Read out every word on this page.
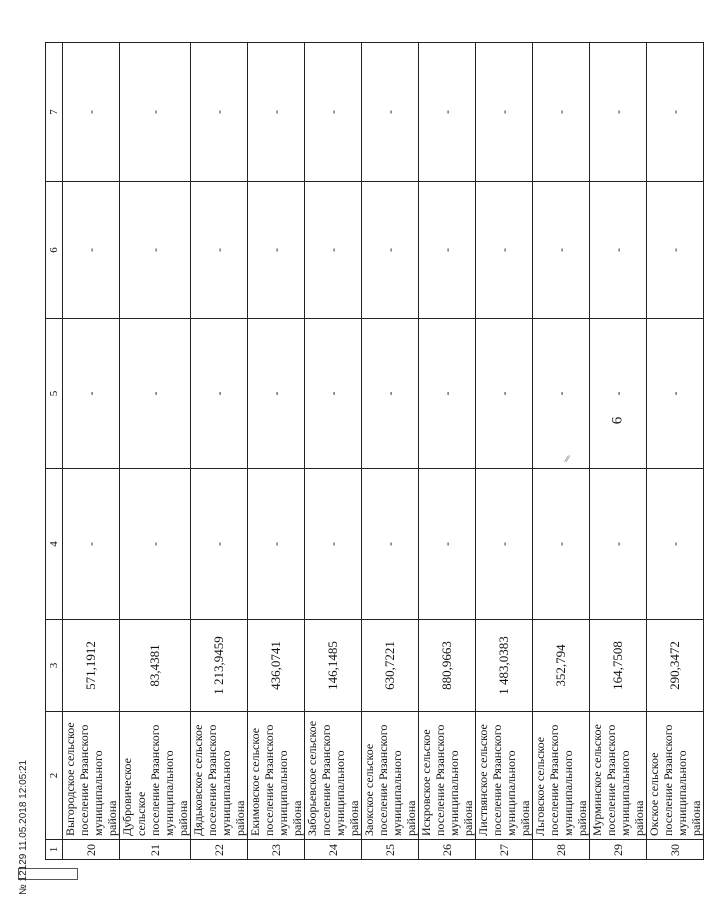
6
1	2	3	4	5	6	7
20	Выгородское сельское поселение Рязанского муниципального района	571,1912	-	-	-	-
21	Дубровическое сельское поселение Рязанского муниципального района	83,4381	-	-	-	-
22	Дядьковское сельское поселение Рязанского муниципального района	1 213,9459	-	-	-	-
23	Екимовское сельское поселение Рязанского муниципального района	436,0741	-	-	-	-
24	Заборьевское сельское поселение Рязанского муниципального района	146,1485	-	-	-	-
25	Заокское сельское поселение Рязанского муниципального района	630,7221	-	-	-	-
26	Искровское сельское поселение Рязанского муниципального района	880,9663	-	-	-	-
27	Листвянское сельское поселение Рязанского муниципального района	1 483,0383	-	-	-	-
28	Льговское сельское поселение Рязанского муниципального района	352,794	-	-	-	-
29	Мурминское сельское поселение Рязанского муниципального района	164,7508	-	-	-	-
30	Окское сельское поселение Рязанского муниципального района	290,3472	-	-	-	-
№ 12129 11.05.2018 12:05:21
⁄⁄
